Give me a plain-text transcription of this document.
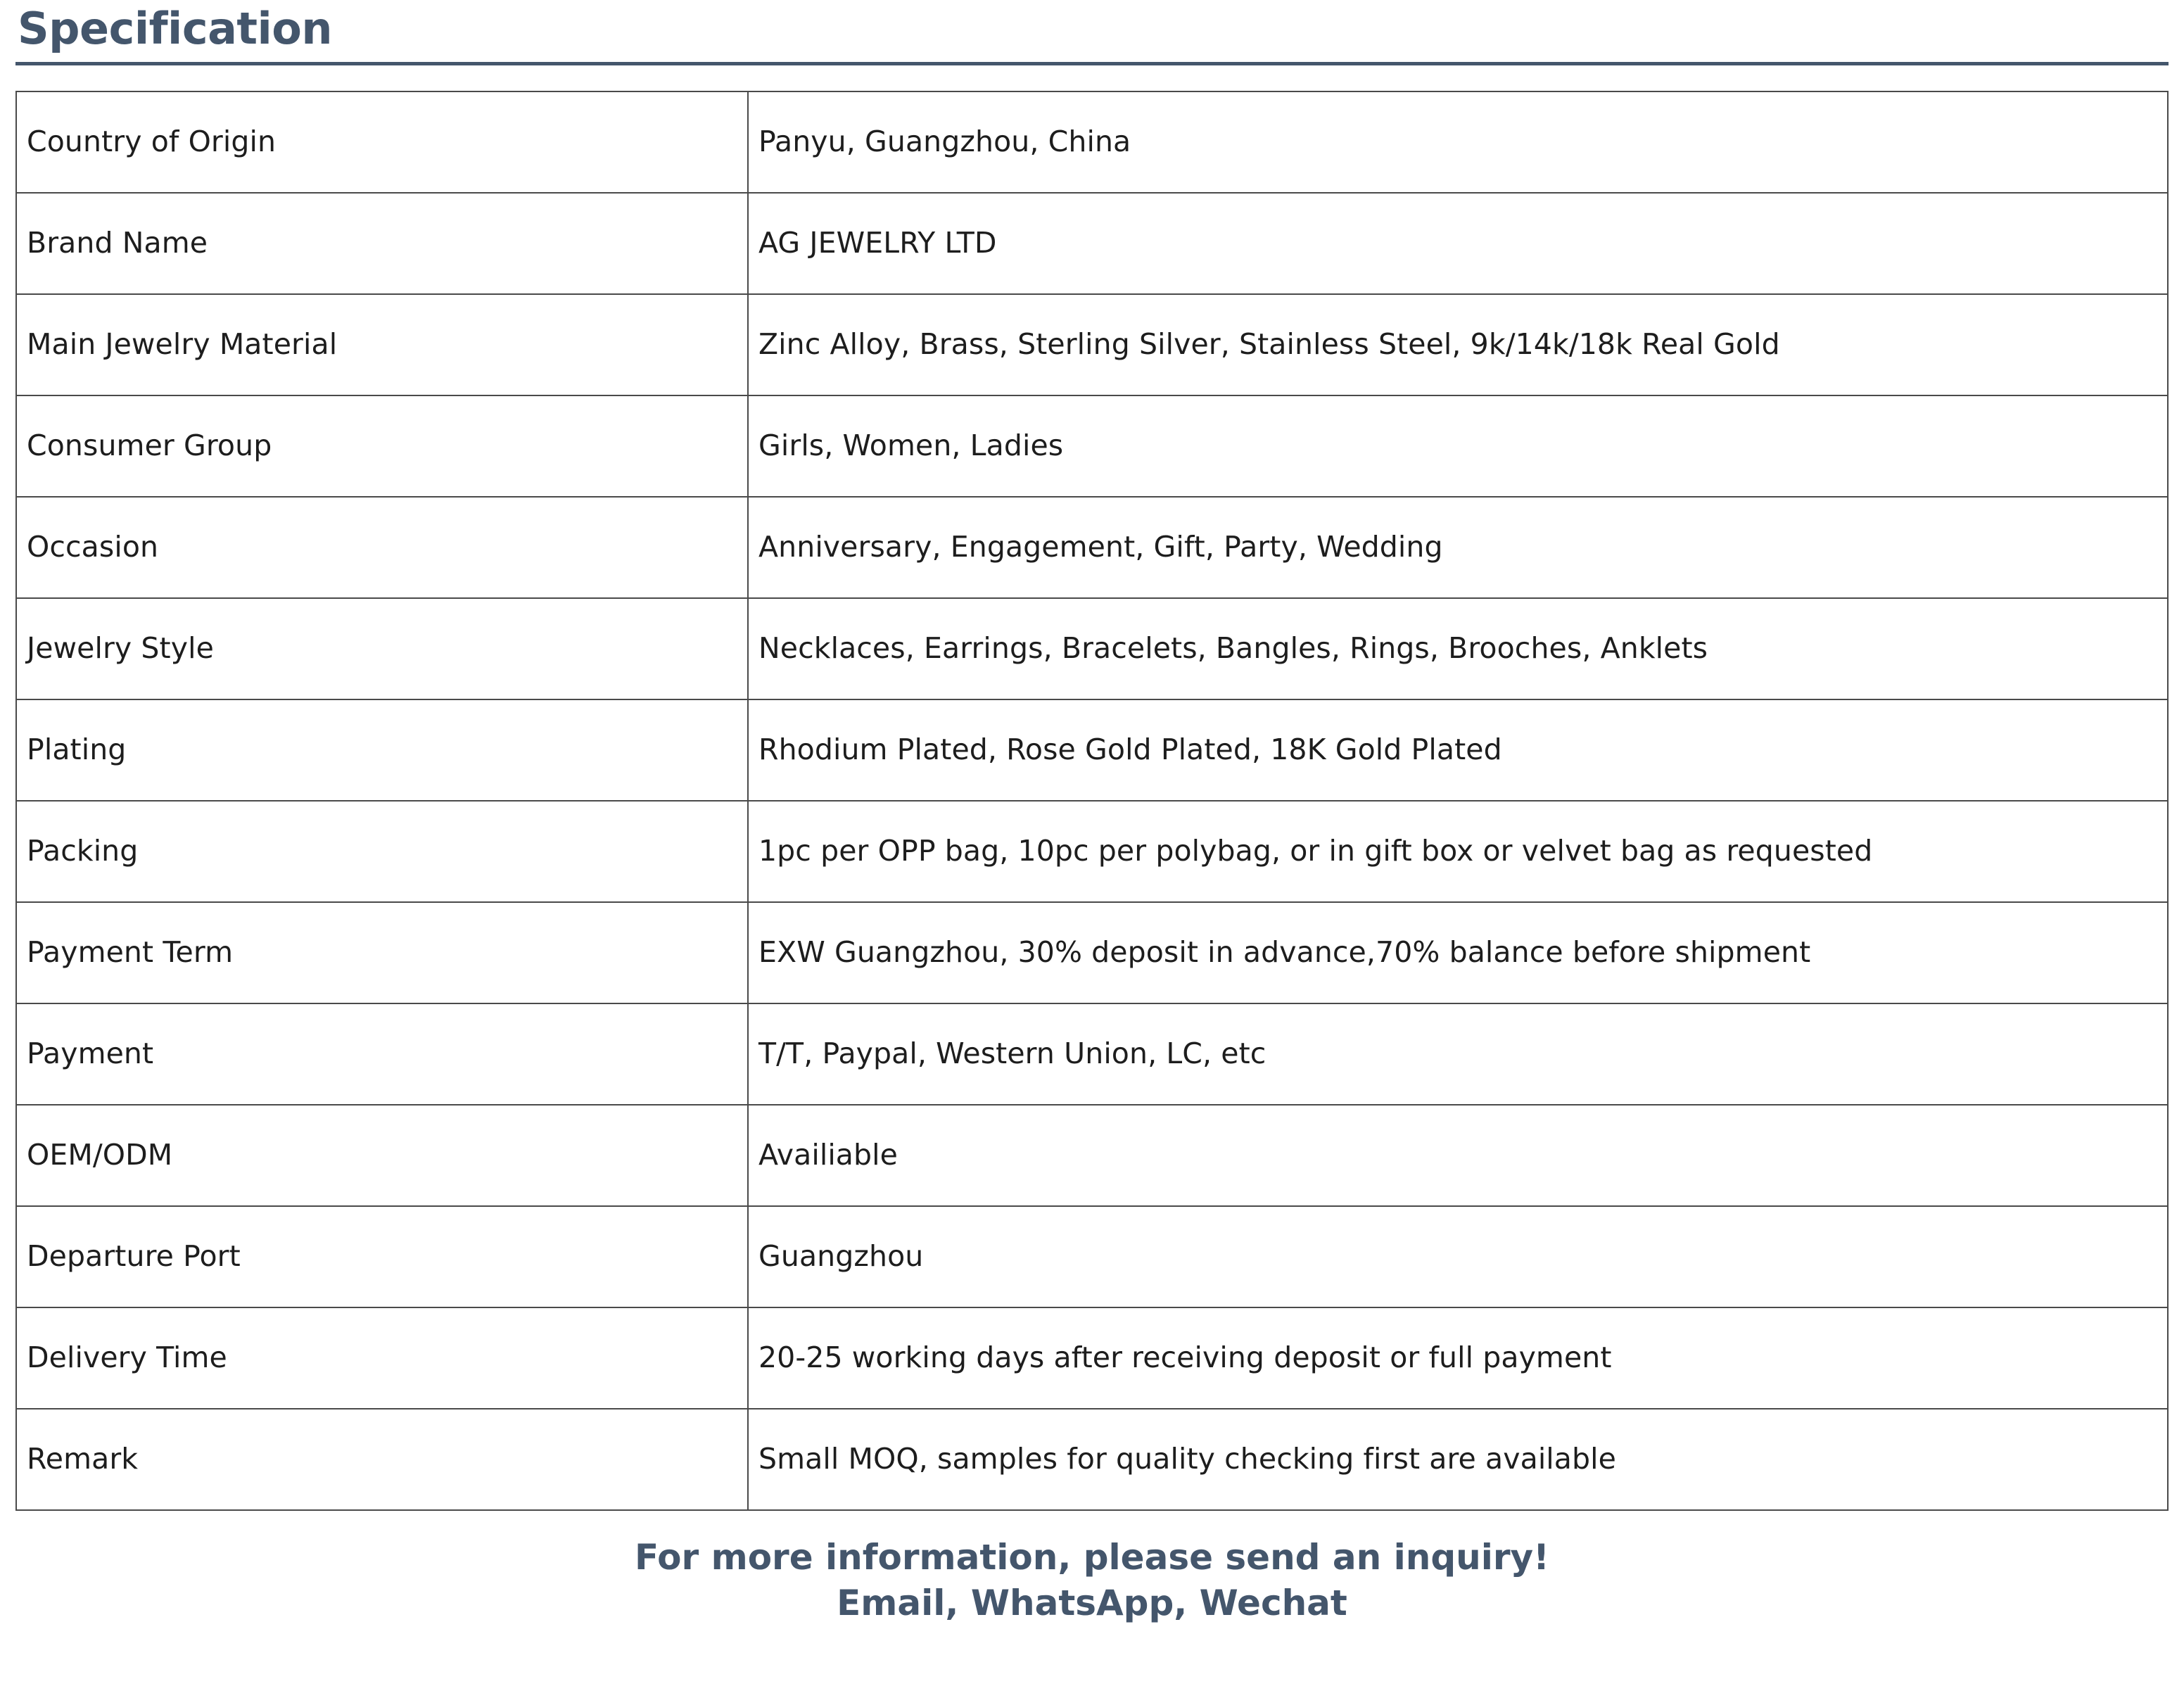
Specification
Country of Origin	Panyu, Guangzhou, China
Brand Name	AG JEWELRY LTD
Main Jewelry Material	Zinc Alloy, Brass, Sterling Silver, Stainless Steel, 9k/14k/18k Real Gold
Consumer Group	Girls, Women, Ladies
Occasion	Anniversary, Engagement, Gift, Party, Wedding
Jewelry Style	Necklaces, Earrings, Bracelets, Bangles, Rings, Brooches, Anklets
Plating	Rhodium Plated, Rose Gold Plated, 18K Gold Plated
Packing	1pc per OPP bag, 10pc per polybag, or in gift box or velvet bag as requested
Payment Term	EXW Guangzhou, 30% deposit in advance,70% balance before shipment
Payment	T/T, Paypal, Western Union, LC, etc
OEM/ODM	Availiable
Departure Port	Guangzhou
Delivery Time	20-25 working days after receiving deposit or full payment
Remark	Small MOQ, samples for quality checking first are available
For more information, please send an inquiry!
Email, WhatsApp, Wechat
